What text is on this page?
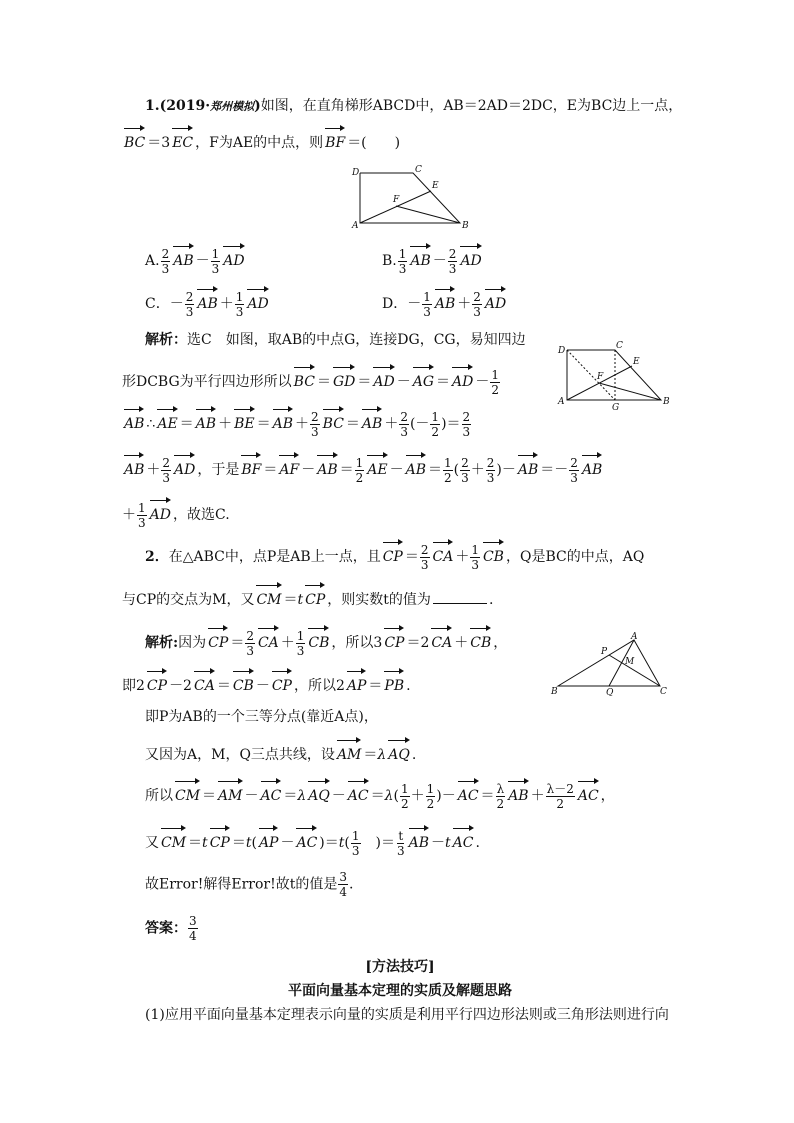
1.(2019·郑州模拟)如图，在直角梯形ABCD中，AB＝2AD＝2DC，E为BC边上一点，
BC ＝3 EC ，F为AE的中点，则 BF ＝(　　)
D	C
E
F
A	B
A. $\frac{2}{3}$ AB － $\frac{1}{3}$ AD	B. $\frac{1}{3}$ AB － $\frac{2}{3}$ AD
C．－ $\frac{2}{3}$ AB ＋ $\frac{1}{3}$ AD	D．－ $\frac{1}{3}$ AB ＋ $\frac{2}{3}$ AD
解析：选C　如图，取AB的中点G，连接DG，CG，易知四边
D	C
E
F
A
G
B
形DCBG为平行四边形所以 BC ＝ GD ＝ AD － AG ＝ AD － $\frac{1}{2}$
AB ∴ AE ＝ AB ＋ BE ＝ AB ＋ $\frac{2}{3}$ BC ＝ AB ＋ $\frac{2}{3}$ (－ $\frac{1}{2}$ )＝ $\frac{2}{3}$
AB ＋ $\frac{2}{3}$ AD ，于是 BF ＝ AF － AB ＝ $\frac{1}{2}$ AE － AB ＝ $\frac{1}{2}$ ( $\frac{2}{3} + \frac{2}{3}$ )－ AB ＝－ $\frac{2}{3}$ AB
＋ $\frac{1}{3}$ AD ，故选C.
2．在△ABC中，点P是AB上一点，且 CP ＝ $\frac{2}{3}$ CA ＋ $\frac{1}{3}$ CB ，Q是BC的中点，AQ
与CP的交点为M，又 CM ＝t CP ，则实数t的值为	.
解析:因为 CP ＝ $\frac{2}{3}$ CA ＋ $\frac{1}{3}$ CB ，所以3 CP ＝2 CA ＋ CB ，	A
P
M
B	Q	C
即2 CP －2 CA ＝ CB － CP ，所以2 AP ＝ PB .
即P为AB的一个三等分点(靠近A点)，
又因为A，M，Q三点共线，设 AM ＝λ AQ .
所以 CM ＝ AM － AC ＝λ AQ － AC $=\lambda( \frac{1}{2} + \frac{1}{2}$ )－ AC ＝ $\frac{\lambda}{2}$ AB ＋ $\frac{\lambda-2}{2}$ AC ，
又 CM ＝t CP ＝t( AP － AC )$=t( \frac{1}{3}$ 　)＝ $\frac{t}{3}$ AB －t AC .
故Error!解得Error!故t的值是 $\frac{3}{4}$ .
答案： $\frac{3}{4}$
[方法技巧]
平面向量基本定理的实质及解题思路
(1)应用平面向量基本定理表示向量的实质是利用平行四边形法则或三角形法则进行向
